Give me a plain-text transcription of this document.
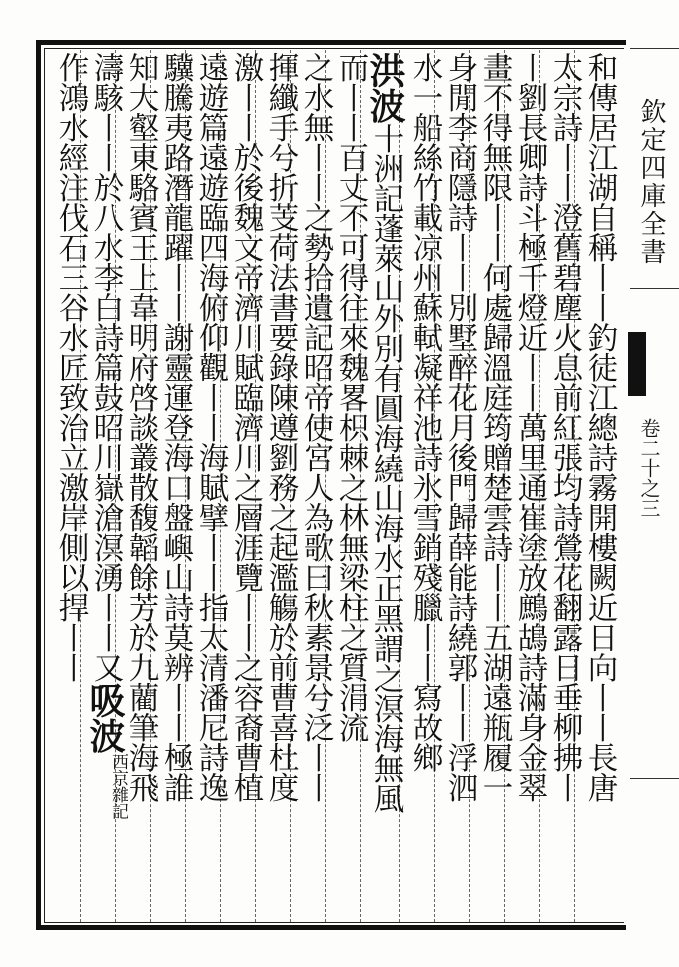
欽定四庫全書
卷二十之三
和傳居江湖自稱丨丨釣徒江總詩霧開樓闕近日向丨丨長唐
太宗詩丨丨澄舊碧塵火息前紅張均詩鶯花翻露日垂柳拂丨
丨劉長卿詩斗極千燈近丨丨萬里通崔塗放鷓鴣詩滿身金翠
畫不得無限丨丨何處歸溫庭筠贈楚雲詩丨丨五湖遠瓶履一
身閒李商隱詩丨丨別墅醉花月後門歸薛能詩繞郭丨丨浮泗
水一船絲竹載凉州蘇軾凝祥池詩氷雪銷殘臘丨丨寫故鄉
洪波十洲記蓬萊山外別有圓海繞山海水正黑謂之溟海無風
而丨丨百丈不可得往來魏畧枳棘之林無梁柱之質涓流
之水無丨丨之勢拾遺記昭帝使宮人為歌曰秋素景兮泛丨丨
揮纖手兮折芰荷法書要錄陳遵劉務之起濫觴於前曹喜杜度
激丨丨於後魏文帝濟川賦臨濟川之層涯覽丨丨之容裔曹植
遠遊篇遠遊臨四海俯仰觀丨丨海賦擘丨丨指太清潘尼詩逸
驥騰夷路潛龍躍丨丨謝靈運登海口盤嶼山詩莫辨丨丨極誰
知大壑東駱賓王上韋明府啓談叢散馥韜餘芳於九藺筆海飛
濤駭丨丨於八水李白詩篇鼓昭川嶽滄溟湧丨丨又吸波西京雜記
作鴻水經注伐石三谷水匠致治立激岸側以捍丨丨
